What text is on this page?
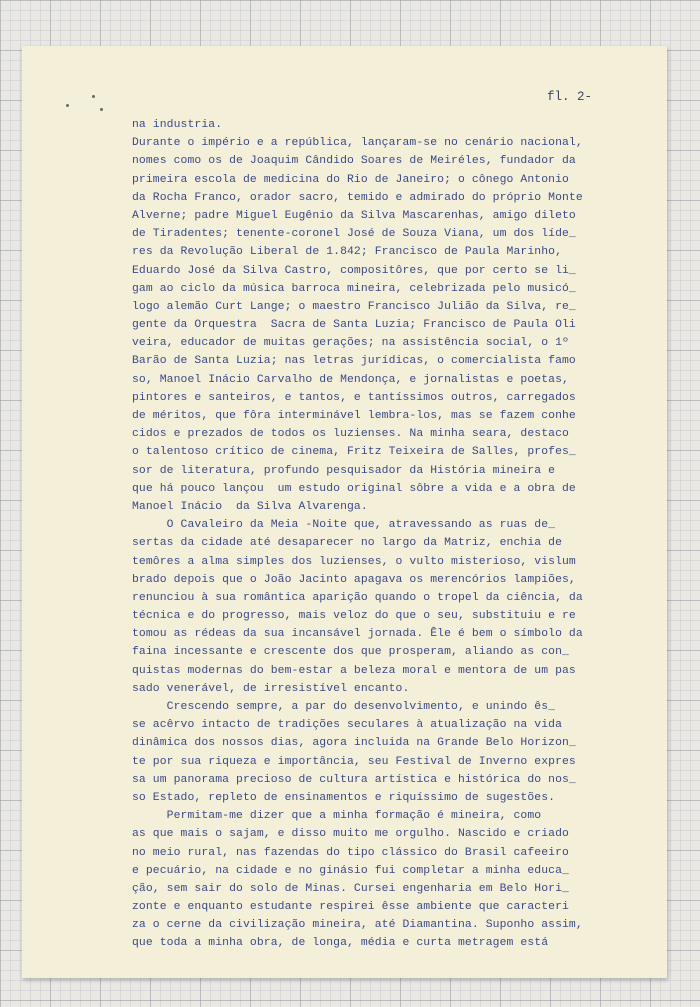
fl. 2-
na industria.
Durante o império e a república, lançaram-se no cenário nacional,
nomes como os de Joaquim Cândido Soares de Meiréles, fundador da
primeira escola de medicina do Rio de Janeiro; o cônego Antonio
da Rocha Franco, orador sacro, temido e admirado do próprio Monte
Alverne; padre Miguel Eugênio da Silva Mascarenhas, amigo dileto
de Tiradentes; tenente-coronel José de Souza Viana, um dos líde_
res da Revolução Liberal de 1.842; Francisco de Paula Marinho,
Eduardo José da Silva Castro, compositôres, que por certo se li_
gam ao ciclo da música barroca mineira, celebrizada pelo musicó_
logo alemão Curt Lange; o maestro Francisco Julião da Silva, re_
gente da Orquestra  Sacra de Santa Luzia; Francisco de Paula Oli
veira, educador de muitas gerações; na assistência social, o 1º
Barão de Santa Luzia; nas letras jurídicas, o comercialista famo
so, Manoel Inácio Carvalho de Mendonça, e jornalistas e poetas,
pintores e santeiros, e tantos, e tantíssimos outros, carregados
de méritos, que fôra interminável lembra-los, mas se fazem conhe
cidos e prezados de todos os luzienses. Na minha seara, destaco
o talentoso crítico de cinema, Fritz Teixeira de Salles, profes_
sor de literatura, profundo pesquisador da História mineira e
que há pouco lançou  um estudo original sôbre a vida e a obra de
Manoel Inácio  da Silva Alvarenga.
O Cavaleiro da Meia -Noite que, atravessando as ruas de_
sertas da cidade até desaparecer no largo da Matriz, enchia de
temôres a alma simples dos luzienses, o vulto misterioso, vislum
brado depois que o João Jacinto apagava os merencórios lampiões,
renunciou à sua romântica aparição quando o tropel da ciência, da
técnica e do progresso, mais veloz do que o seu, substituiu e re
tomou as rédeas da sua incansável jornada. Êle é bem o símbolo da
faina incessante e crescente dos que prosperam, aliando as con_
quistas modernas do bem-estar a beleza moral e mentora de um pas
sado venerável, de irresistível encanto.
Crescendo sempre, a par do desenvolvimento, e unindo ês_
se acêrvo intacto de tradições seculares à atualização na vida
dinâmica dos nossos dias, agora incluida na Grande Belo Horizon_
te por sua riqueza e importância, seu Festival de Inverno expres
sa um panorama precioso de cultura artística e histórica do nos_
so Estado, repleto de ensinamentos e riquíssimo de sugestões.
Permitam-me dizer que a minha formação é mineira, como
as que mais o sajam, e disso muito me orgulho. Nascido e criado
no meio rural, nas fazendas do tipo clássico do Brasil cafeeiro
e pecuário, na cidade e no ginásio fui completar a minha educa_
ção, sem sair do solo de Minas. Cursei engenharia em Belo Hori_
zonte e enquanto estudante respirei êsse ambiente que caracteri
za o cerne da civilização mineira, até Diamantina. Suponho assim,
que toda a minha obra, de longa, média e curta metragem está
